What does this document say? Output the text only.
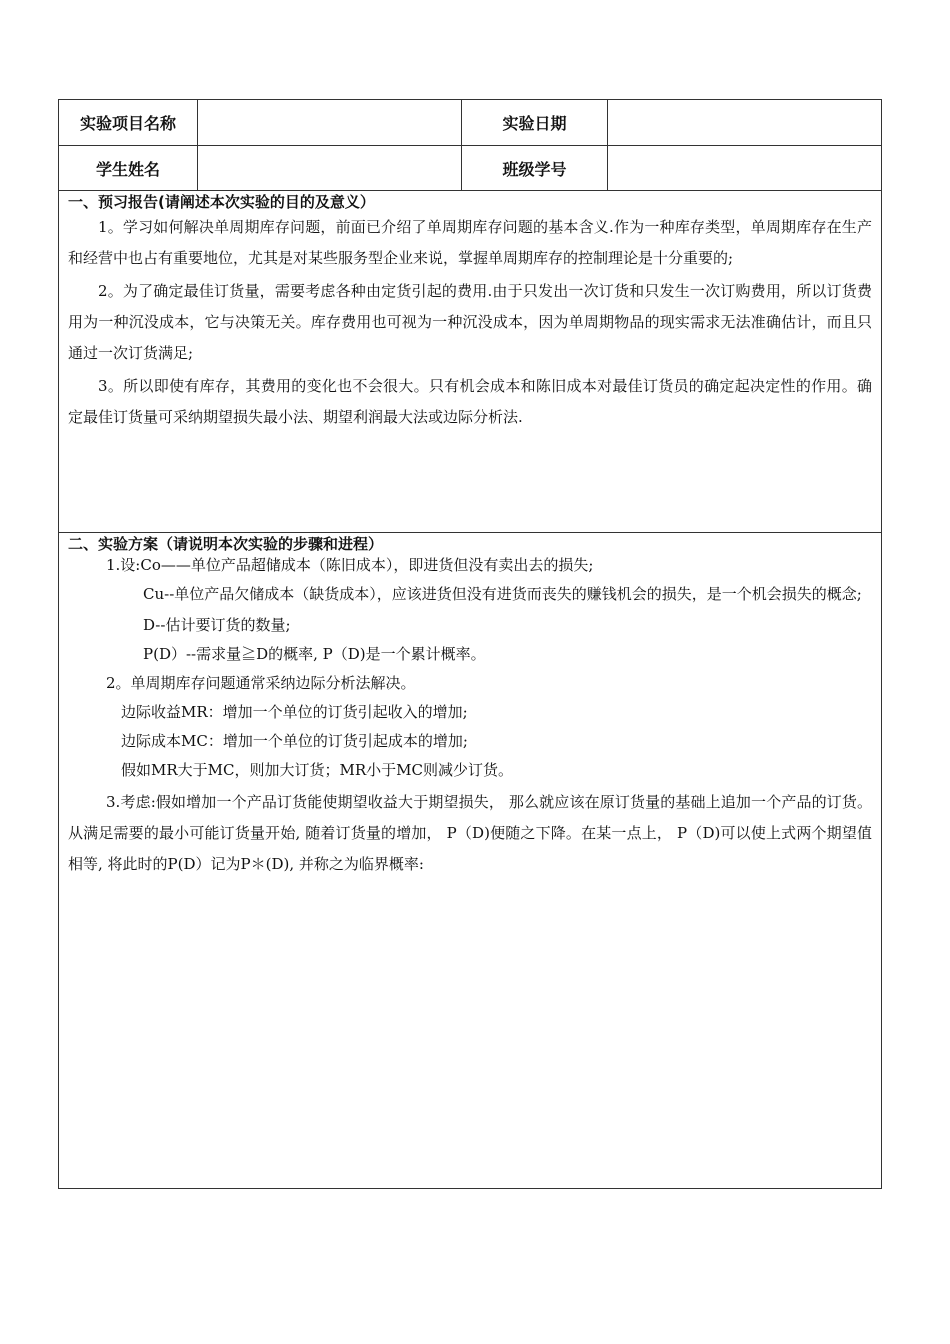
实验项目名称	实验日期
学生姓名	班级学号

一、预习报告(请阐述本次实验的目的及意义）

1。学习如何解决单周期库存问题，前面已介绍了单周期库存问题的基本含义.作为一种库存类型，单周期库存在生产和经营中也占有重要地位，尤其是对某些服务型企业来说，掌握单周期库存的控制理论是十分重要的;

2。为了确定最佳订货量，需要考虑各种由定货引起的费用.由于只发出一次订货和只发生一次订购费用，所以订货费用为一种沉没成本，它与决策无关。库存费用也可视为一种沉没成本，因为单周期物品的现实需求无法准确估计，而且只通过一次订货满足;

3。所以即使有库存，其费用的变化也不会很大。只有机会成本和陈旧成本对最佳订货员的确定起决定性的作用。确定最佳订货量可采纳期望损失最小法、期望利润最大法或边际分析法.

二、实验方案（请说明本次实验的步骤和进程）

1.设:Co——单位产品超储成本（陈旧成本），即进货但没有卖出去的损失;

Cu--单位产品欠储成本（缺货成本），应该进货但没有进货而丧失的赚钱机会的损失，是一个机会损失的概念;

D--估计要订货的数量;

P(D）--需求量≧D的概率, P（D)是一个累计概率。

2。单周期库存问题通常采纳边际分析法解决。

边际收益MR：增加一个单位的订货引起收入的增加;

边际成本MC：增加一个单位的订货引起成本的增加;

假如MR大于MC，则加大订货；MR小于MC则减少订货。

3.考虑:假如增加一个产品订货能使期望收益大于期望损失， 那么就应该在原订货量的基础上追加一个产品的订货。从满足需要的最小可能订货量开始, 随着订货量的增加， P（D)便随之下降。在某一点上， P（D)可以使上式两个期望值相等, 将此时的P(D）记为P＊(D), 并称之为临界概率:
